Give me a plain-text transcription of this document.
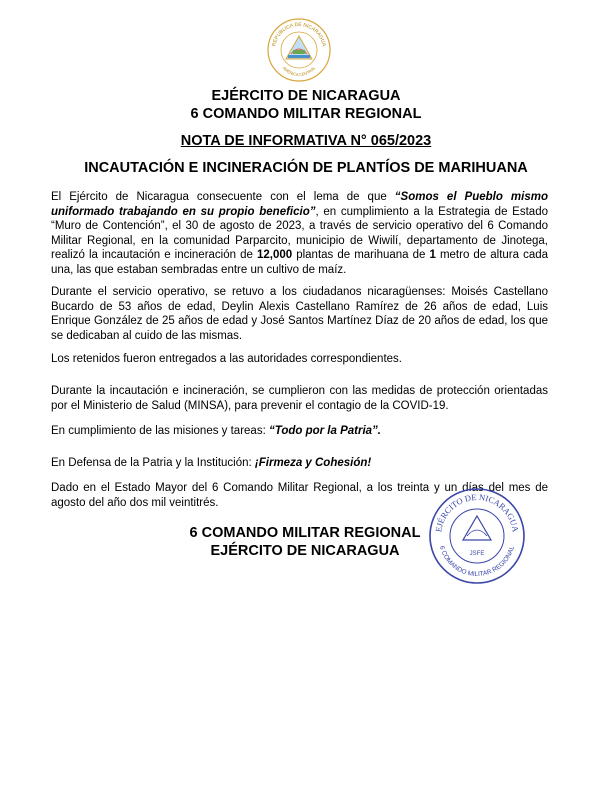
REPÚBLICA DE NICARAGUA
AMÉRICA CENTRAL
EJÉRCITO DE NICARAGUA
6 COMANDO MILITAR REGIONAL
NOTA DE INFORMATIVA N° 065/2023
INCAUTACIÓN E INCINERACIÓN DE PLANTÍOS DE MARIHUANA
El Ejército de Nicaragua consecuente con el lema de que “Somos el Pueblo mismo uniformado trabajando en su propio beneficio”, en cumplimiento a la Estrategia de Estado “Muro de Contención”, el 30 de agosto de 2023, a través de servicio operativo del 6 Comando Militar Regional, en la comunidad Parparcito, municipio de Wiwilí, departamento de Jinotega, realizó la incautación e incineración de 12,000 plantas de marihuana de 1 metro de altura cada una, las que estaban sembradas entre un cultivo de maíz.
Durante el servicio operativo, se retuvo a los ciudadanos nicaragüenses: Moisés Castellano Bucardo de 53 años de edad, Deylin Alexis Castellano Ramírez de 26 años de edad, Luis Enrique González de 25 años de edad y José Santos Martínez Díaz de 20 años de edad, los que se dedicaban al cuido de las mismas.
Los retenidos fueron entregados a las autoridades correspondientes.
Durante la incautación e incineración, se cumplieron con las medidas de protección orientadas por el Ministerio de Salud (MINSA), para prevenir el contagio de la COVID-19.
En cumplimiento de las misiones y tareas: “Todo por la Patria”.
En Defensa de la Patria y la Institución: ¡Firmeza y Cohesión!
Dado en el Estado Mayor del 6 Comando Militar Regional, a los treinta y un días del mes de agosto del año dos mil veintitrés.
6 COMANDO MILITAR REGIONAL
EJÉRCITO DE NICARAGUA
EJÉRCITO DE NICARAGUA
6 COMANDO MILITAR REGIONAL
JSFE
